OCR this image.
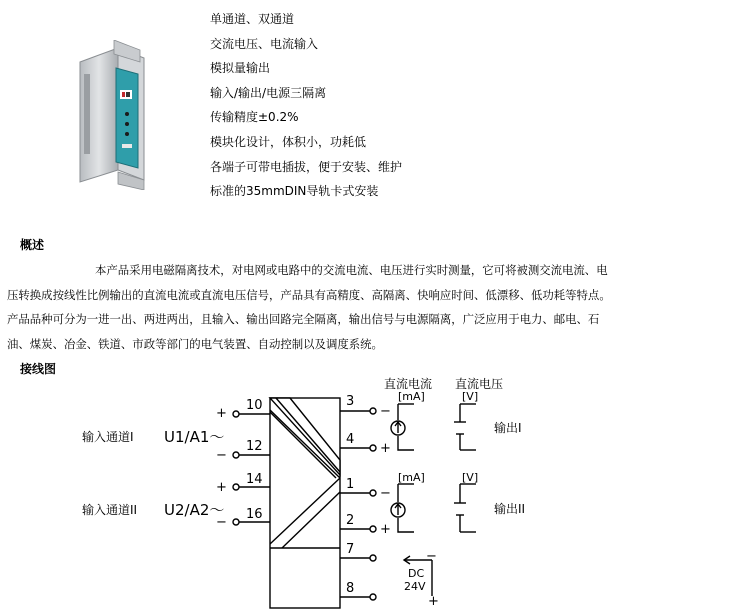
单通道、双通道
交流电压、电流输入
模拟量输出
输入/输出/电源三隔离
传输精度±0.2%
模块化设计，体积小，功耗低
各端子可带电插拔，便于安装、维护
标准的35mmDIN导轨卡式安装
概述

本产品采用电磁隔离技术，对电网或电路中的交流电流、电压进行实时测量，它可将被测交流电流、电压转换成按线性比例输出的直流电流或直流电压信号，产品具有高精度、高隔离、快响应时间、低漂移、低功耗等特点。产品品种可分为一进一出、两进两出，且输入、输出回路完全隔离，输出信号与电源隔离，广泛应用于电力、邮电、石油、煤炭、冶金、铁道、市政等部门的电气装置、自动控制以及调度系统。

接线图
直流电流 直流电压
输入通道I U1/A1～
输入通道II U2/A2～
+
−
+
−
10
12
14
16
3
4
1
2
7
8
−
+
−
+
[mA]	[V]
[mA]	[V]
输出I
输出II
−
DC
24V
+
